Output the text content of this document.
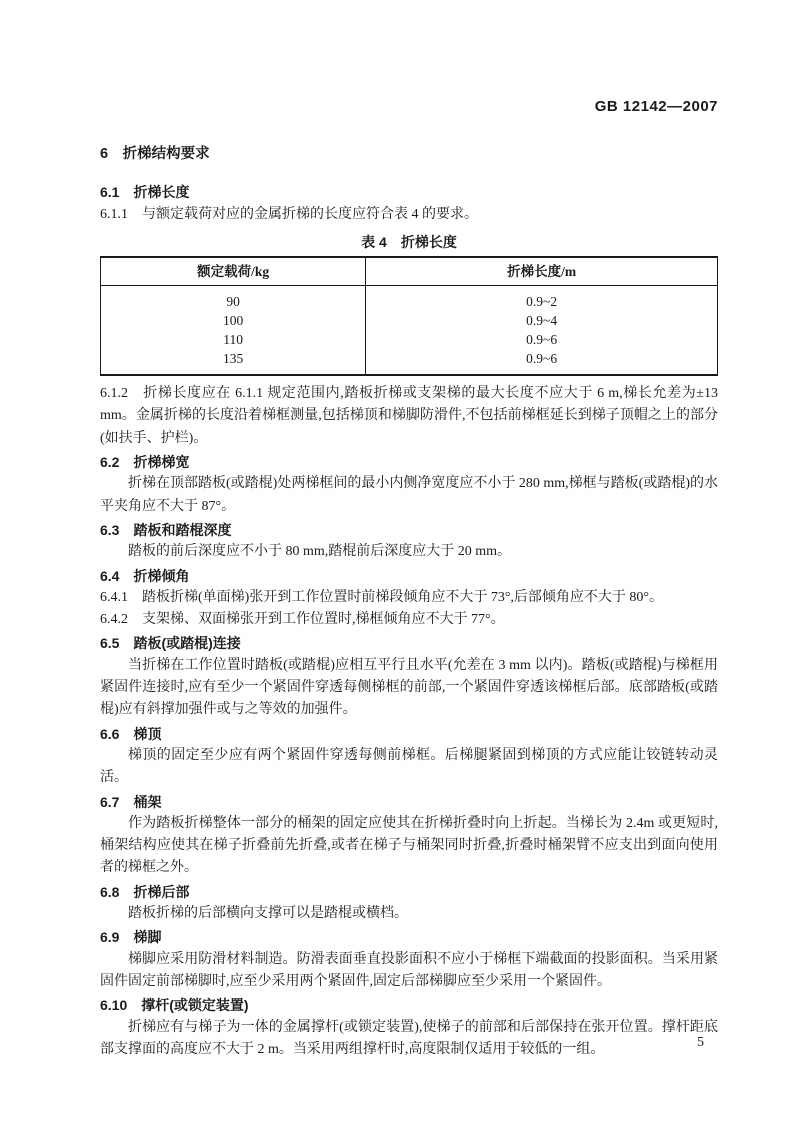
GB 12142—2007
6　折梯结构要求
6.1　折梯长度

6.1.1　与额定载荷对应的金属折梯的长度应符合表 4 的要求。

表 4　折梯长度
额定载荷/kg	折梯长度/m
90	0.9~2
100	0.9~4
110	0.9~6
135	0.9~6

6.1.2　折梯长度应在 6.1.1 规定范围内,踏板折梯或支架梯的最大长度不应大于 6 m,梯长允差为±13 mm。金属折梯的长度沿着梯框测量,包括梯顶和梯脚防滑件,不包括前梯框延长到梯子顶帽之上的部分(如扶手、护栏)。

6.2　折梯梯宽

折梯在顶部踏板(或踏棍)处两梯框间的最小内侧净宽度应不小于 280 mm,梯框与踏板(或踏棍)的水平夹角应不大于 87°。

6.3　踏板和踏棍深度

踏板的前后深度应不小于 80 mm,踏棍前后深度应大于 20 mm。

6.4　折梯倾角

6.4.1　踏板折梯(单面梯)张开到工作位置时前梯段倾角应不大于 73°,后部倾角应不大于 80°。

6.4.2　支架梯、双面梯张开到工作位置时,梯框倾角应不大于 77°。

6.5　踏板(或踏棍)连接

当折梯在工作位置时踏板(或踏棍)应相互平行且水平(允差在 3 mm 以内)。踏板(或踏棍)与梯框用紧固件连接时,应有至少一个紧固件穿透每侧梯框的前部,一个紧固件穿透该梯框后部。底部踏板(或踏棍)应有斜撑加强件或与之等效的加强件。

6.6　梯顶

梯顶的固定至少应有两个紧固件穿透每侧前梯框。后梯腿紧固到梯顶的方式应能让铰链转动灵活。

6.7　桶架

作为踏板折梯整体一部分的桶架的固定应使其在折梯折叠时向上折起。当梯长为 2.4m 或更短时,桶架结构应使其在梯子折叠前先折叠,或者在梯子与桶架同时折叠,折叠时桶架臂不应支出到面向使用者的梯框之外。

6.8　折梯后部

踏板折梯的后部横向支撑可以是踏棍或横档。

6.9　梯脚

梯脚应采用防滑材料制造。防滑表面垂直投影面积不应小于梯框下端截面的投影面积。当采用紧固件固定前部梯脚时,应至少采用两个紧固件,固定后部梯脚应至少采用一个紧固件。

6.10　撑杆(或锁定装置)

折梯应有与梯子为一体的金属撑杆(或锁定装置),使梯子的前部和后部保持在张开位置。撑杆距底部支撑面的高度应不大于 2 m。当采用两组撑杆时,高度限制仅适用于较低的一组。	5
